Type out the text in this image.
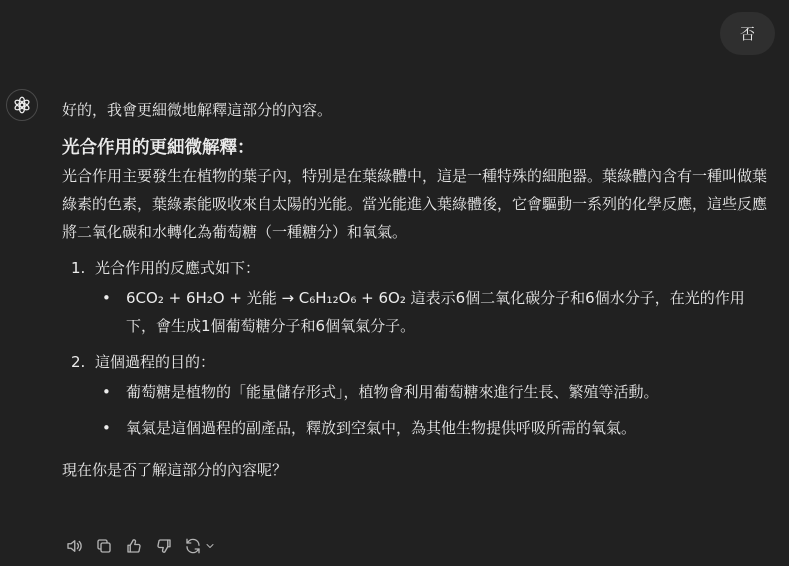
否

好的，我會更細微地解釋這部分的內容。

光合作用的更細微解釋：

光合作用主要發生在植物的葉子內，特別是在葉綠體中，這是一種特殊的細胞器。葉綠體內含有一種叫做葉綠素的色素，葉綠素能吸收來自太陽的光能。當光能進入葉綠體後，它會驅動一系列的化學反應，這些反應將二氧化碳和水轉化為葡萄糖（一種糖分）和氧氣。

1. 光合作用的反應式如下：
•	6CO₂ + 6H₂O + 光能 → C₆H₁₂O₆ + 6O₂ 這表示6個二氧化碳分子和6個水分子，在光的作用下，會生成1個葡萄糖分子和6個氧氣分子。
2. 這個過程的目的：
•	葡萄糖是植物的「能量儲存形式」，植物會利用葡萄糖來進行生長、繁殖等活動。
•	氧氣是這個過程的副產品，釋放到空氣中，為其他生物提供呼吸所需的氧氣。

現在你是否了解這部分的內容呢？
